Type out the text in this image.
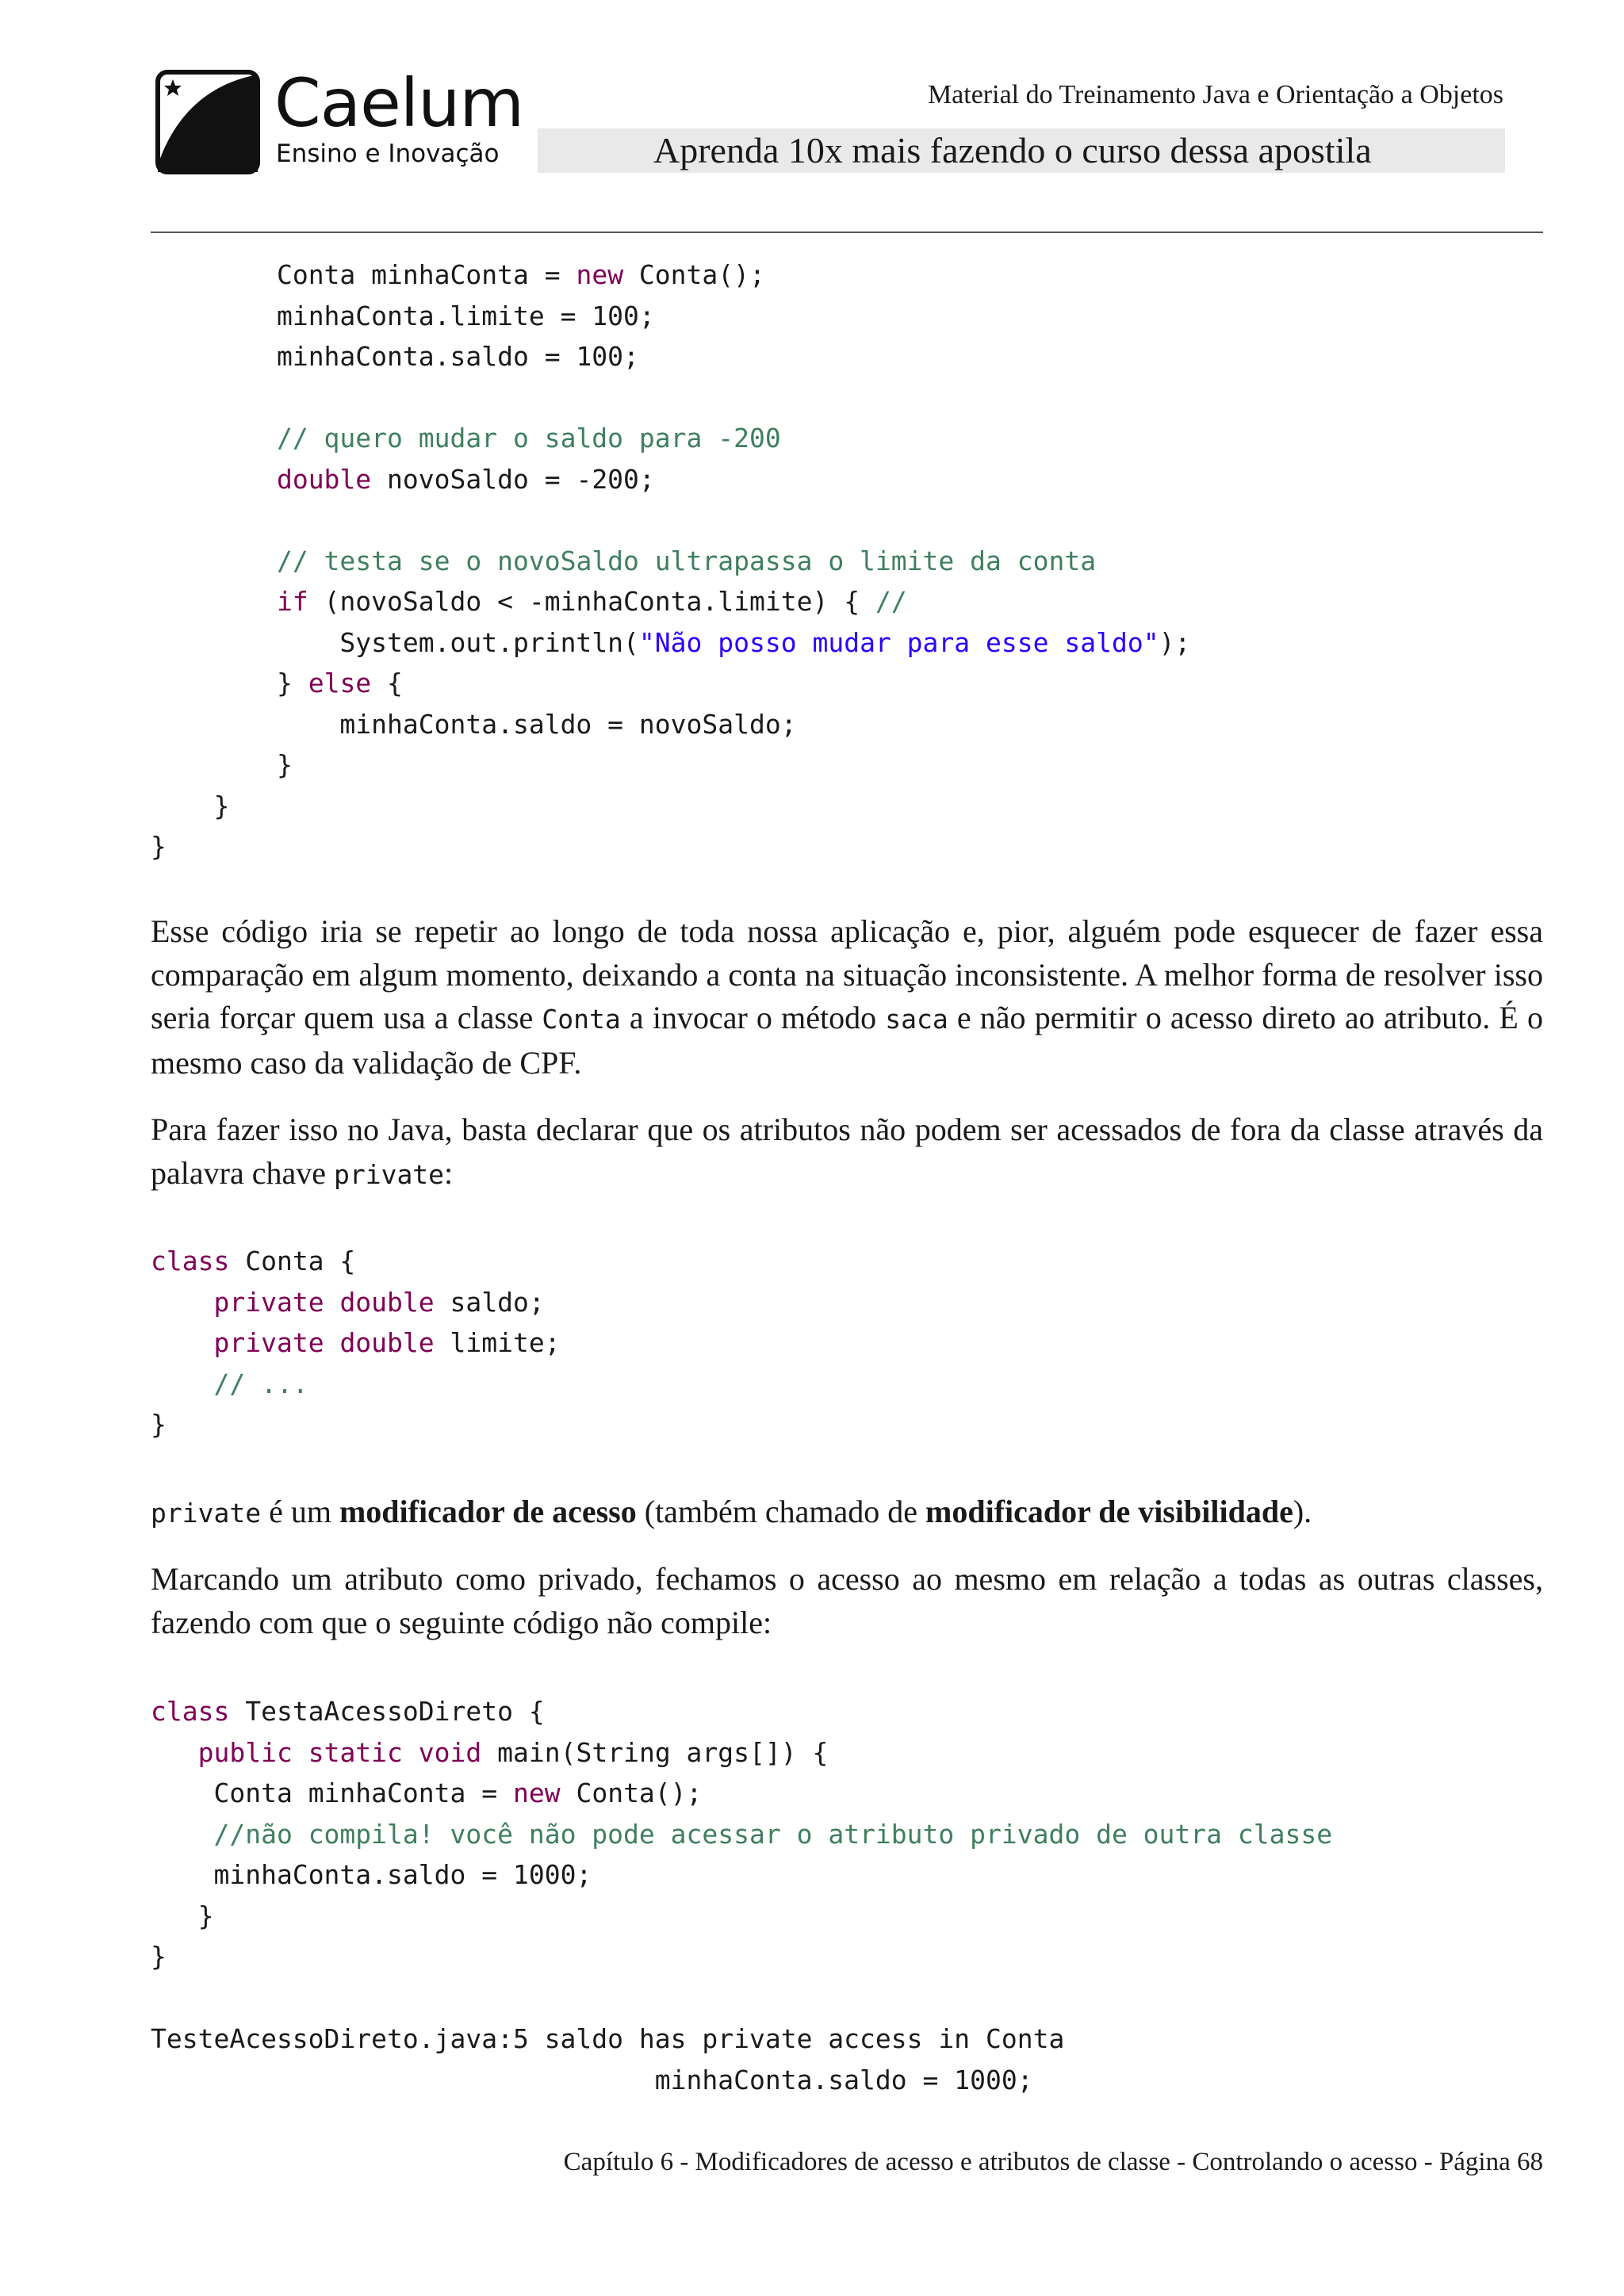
Caelum
Ensino e Inovação
Material do Treinamento Java e Orientação a Objetos
Aprenda 10x mais fazendo o curso dessa apostila
Conta minhaConta = new Conta();
minhaConta.limite = 100;
minhaConta.saldo = 100;
// quero mudar o saldo para -200
double novoSaldo = -200;
// testa se o novoSaldo ultrapassa o limite da conta
if (novoSaldo < -minhaConta.limite) { //
System.out.println("Não posso mudar para esse saldo");
} else {
minhaConta.saldo = novoSaldo;
}
}
}
Esse código iria se repetir ao longo de toda nossa aplicação e, pior, alguém pode esquecer de fazer essa comparação em algum momento, deixando a conta na situação inconsistente. A melhor forma de resolver isso seria forçar quem usa a classe Conta a invocar o método saca e não permitir o acesso direto ao atributo. É o mesmo caso da validação de CPF.
Para fazer isso no Java, basta declarar que os atributos não podem ser acessados de fora da classe através da palavra chave private:
class Conta {
private double saldo;
private double limite;
// ...
}
private é um modificador de acesso (também chamado de modificador de visibilidade).
Marcando um atributo como privado, fechamos o acesso ao mesmo em relação a todas as outras classes, fazendo com que o seguinte código não compile:
class TestaAcessoDireto {
public static void main(String args[]) {
Conta minhaConta = new Conta();
//não compila! você não pode acessar o atributo privado de outra classe
minhaConta.saldo = 1000;
}
}
TesteAcessoDireto.java:5 saldo has private access in Conta
minhaConta.saldo = 1000;
Capítulo 6 - Modificadores de acesso e atributos de classe - Controlando o acesso - Página 68
